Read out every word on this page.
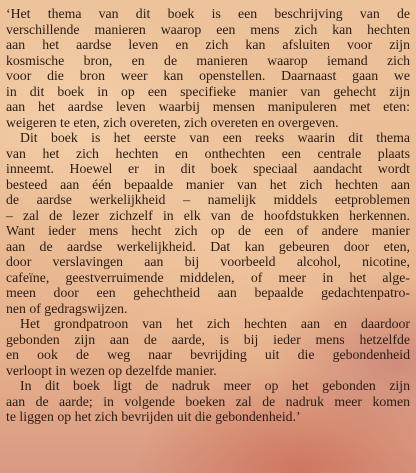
‘Het thema van dit boek is een beschrijving van de
verschillende manieren waarop een mens zich kan hechten
aan het aardse leven en zich kan afsluiten voor zijn
kosmische bron, en de manieren waarop iemand zich
voor die bron weer kan openstellen. Daarnaast gaan we
in dit boek in op een specifieke manier van gehecht zijn
aan het aardse leven waarbij mensen manipuleren met eten:
weigeren te eten, zich overeten, zich overeten en overgeven.

Dit boek is het eerste van een reeks waarin dit thema
van het zich hechten en onthechten een centrale plaats
inneemt. Hoewel er in dit boek speciaal aandacht wordt
besteed aan één bepaalde manier van het zich hechten aan
de aardse werkelijkheid – namelijk middels eetproblemen
– zal de lezer zichzelf in elk van de hoofdstukken herkennen.
Want ieder mens hecht zich op de een of andere manier
aan de aardse werkelijkheid. Dat kan gebeuren door eten,
door verslavingen aan bij voorbeeld alcohol, nicotine,
cafeïne, geestverruimende middelen, of meer in het alge-
meen door een gehechtheid aan bepaalde gedachtenpatro-
nen of gedragswijzen.

Het grondpatroon van het zich hechten aan en daardoor
gebonden zijn aan de aarde, is bij ieder mens hetzelfde
en ook de weg naar bevrijding uit die gebondenheid
verloopt in wezen op dezelfde manier.

In dit boek ligt de nadruk meer op het gebonden zijn
aan de aarde; in volgende boeken zal de nadruk meer komen
te liggen op het zich bevrijden uit die gebondenheid.’
